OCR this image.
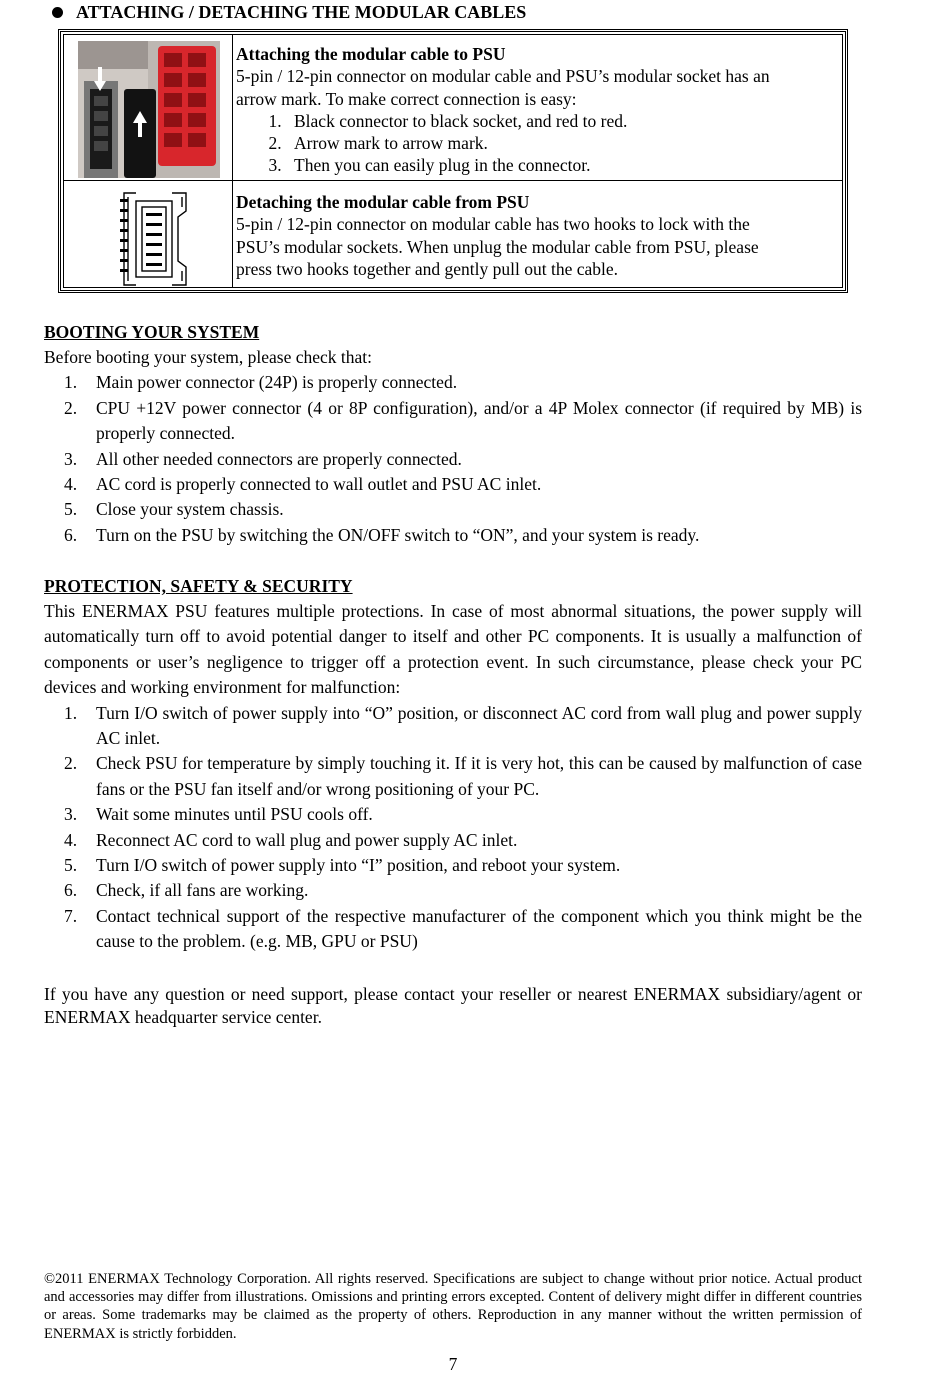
ATTACHING / DETACHING THE MODULAR CABLES
Attaching the modular cable to PSU
5-pin / 12-pin connector on modular cable and PSU’s modular socket has an
arrow mark. To make correct connection is easy:
1. Black connector to black socket, and red to red.
2. Arrow mark to arrow mark.
3. Then you can easily plug in the connector.
Detaching the modular cable from PSU
5-pin / 12-pin connector on modular cable has two hooks to lock with the
PSU’s modular sockets. When unplug the modular cable from PSU, please
press two hooks together and gently pull out the cable.
BOOTING YOUR SYSTEM
Before booting your system, please check that:
1. Main power connector (24P) is properly connected.
2. CPU +12V power connector (4 or 8P configuration), and/or a 4P Molex connector (if required by MB) is properly connected.
3. All other needed connectors are properly connected.
4. AC cord is properly connected to wall outlet and PSU AC inlet.
5. Close your system chassis.
6. Turn on the PSU by switching the ON/OFF switch to “ON”, and your system is ready.
PROTECTION, SAFETY & SECURITY
This ENERMAX PSU features multiple protections. In case of most abnormal situations, the power supply will automatically turn off to avoid potential danger to itself and other PC components. It is usually a malfunction of components or user’s negligence to trigger off a protection event. In such circumstance, please check your PC devices and working environment for malfunction:
1. Turn I/O switch of power supply into “O” position, or disconnect AC cord from wall plug and power supply AC inlet.
2. Check PSU for temperature by simply touching it. If it is very hot, this can be caused by malfunction of case fans or the PSU fan itself and/or wrong positioning of your PC.
3. Wait some minutes until PSU cools off.
4. Reconnect AC cord to wall plug and power supply AC inlet.
5. Turn I/O switch of power supply into “I” position, and reboot your system.
6. Check, if all fans are working.
7. Contact technical support of the respective manufacturer of the component which you think might be the cause to the problem. (e.g. MB, GPU or PSU)
If you have any question or need support, please contact your reseller or nearest ENERMAX subsidiary/agent or ENERMAX headquarter service center.
©2011 ENERMAX Technology Corporation. All rights reserved. Specifications are subject to change without prior notice. Actual product and accessories may differ from illustrations. Omissions and printing errors excepted. Content of delivery might differ in different countries or areas. Some trademarks may be claimed as the property of others. Reproduction in any manner without the written permission of ENERMAX is strictly forbidden.
7
